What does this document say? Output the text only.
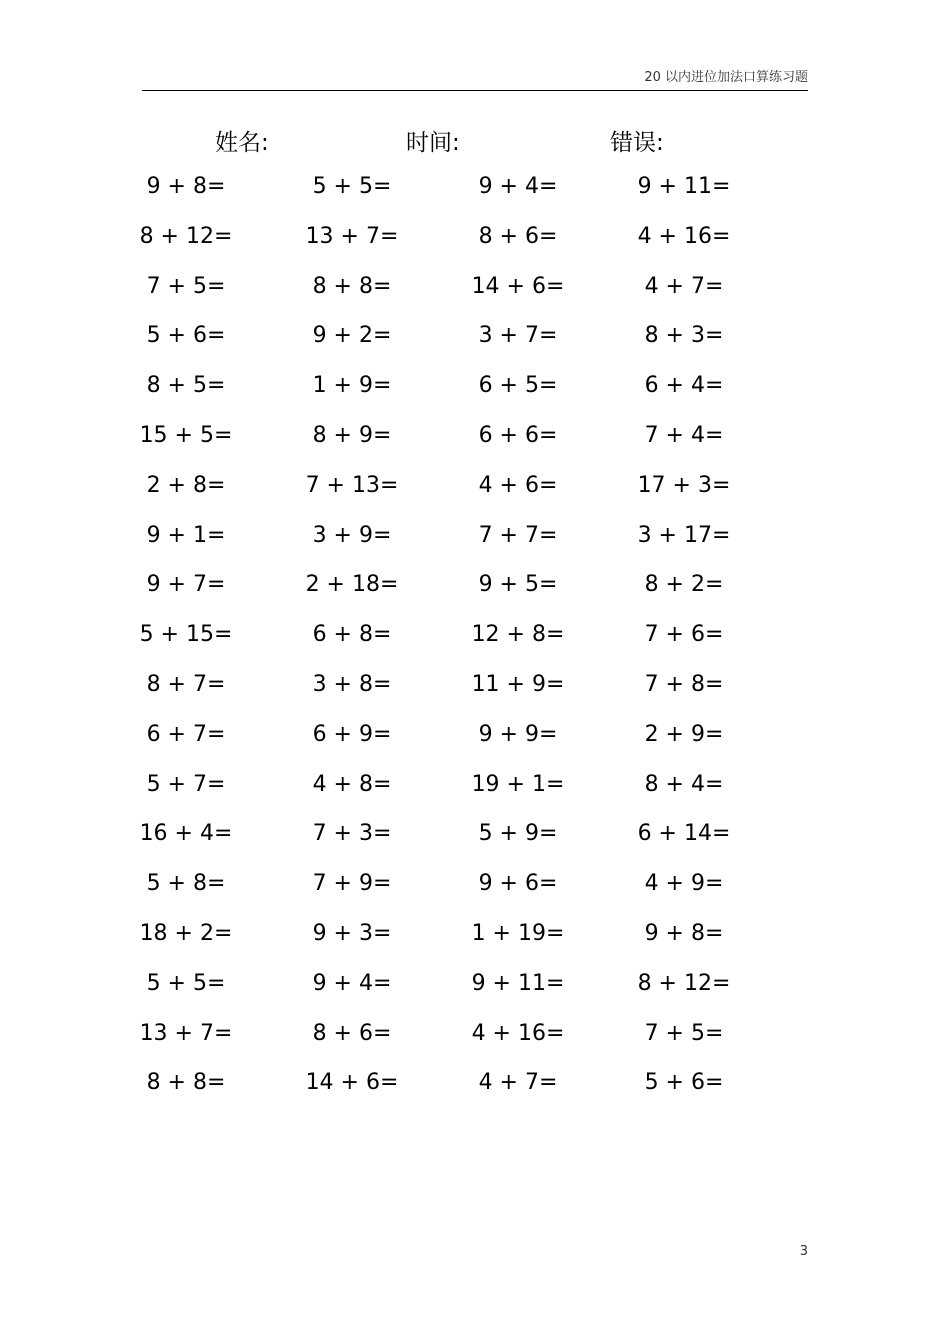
20 以内进位加法口算练习题
姓名:	时间:	错误:
9 + 8=	5 + 5=	9 + 4=	9 + 11=
8 + 12=	13 + 7=	8 + 6=	4 + 16=
7 + 5=	8 + 8=	14 + 6=	4 + 7=
5 + 6=	9 + 2=	3 + 7=	8 + 3=
8 + 5=	1 + 9=	6 + 5=	6 + 4=
15 + 5=	8 + 9=	6 + 6=	7 + 4=
2 + 8=	7 + 13=	4 + 6=	17 + 3=
9 + 1=	3 + 9=	7 + 7=	3 + 17=
9 + 7=	2 + 18=	9 + 5=	8 + 2=
5 + 15=	6 + 8=	12 + 8=	7 + 6=
8 + 7=	3 + 8=	11 + 9=	7 + 8=
6 + 7=	6 + 9=	9 + 9=	2 + 9=
5 + 7=	4 + 8=	19 + 1=	8 + 4=
16 + 4=	7 + 3=	5 + 9=	6 + 14=
5 + 8=	7 + 9=	9 + 6=	4 + 9=
18 + 2=	9 + 3=	1 + 19=	9 + 8=
5 + 5=	9 + 4=	9 + 11=	8 + 12=
13 + 7=	8 + 6=	4 + 16=	7 + 5=
8 + 8=	14 + 6=	4 + 7=	5 + 6=
3
